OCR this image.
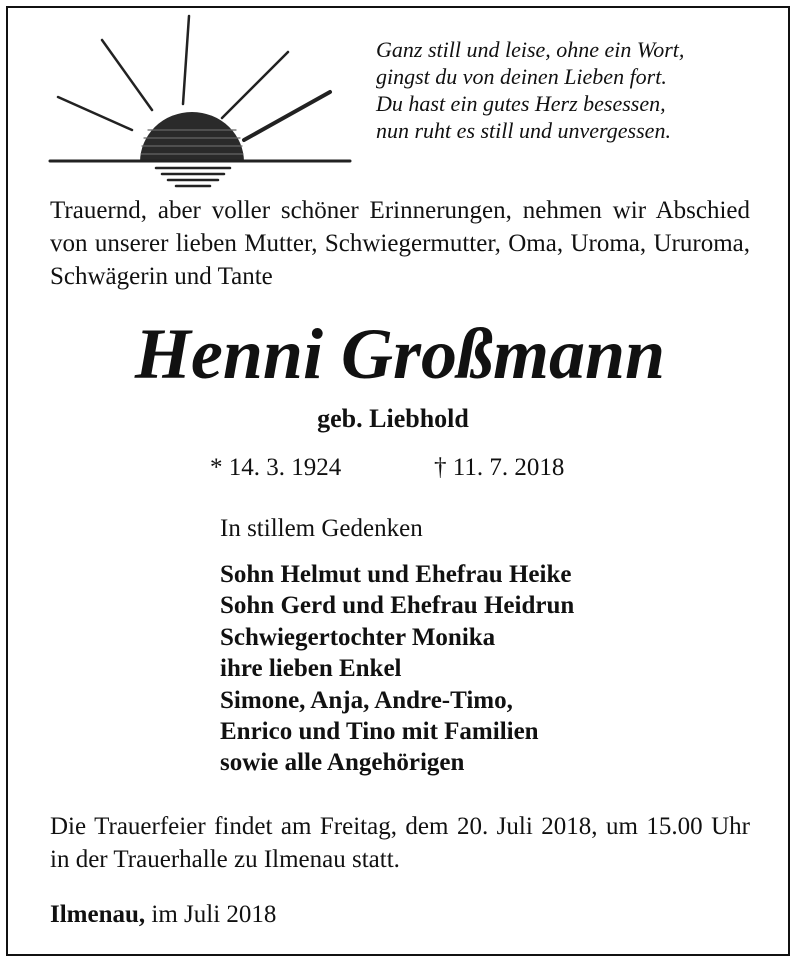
Ganz still und leise, ohne ein Wort,
gingst du von deinen Lieben fort.
Du hast ein gutes Herz besessen,
nun ruht es still und unvergessen.
Trauernd, aber voller schöner Erinnerungen, nehmen wir Abschied von unserer lieben Mutter, Schwiegermutter, Oma, Uroma, Ururoma, Schwägerin und Tante
Henni Großmann
geb. Liebhold
* 14. 3. 1924	† 11. 7. 2018
In stillem Gedenken
Sohn Helmut und Ehefrau Heike
Sohn Gerd und Ehefrau Heidrun
Schwiegertochter Monika
ihre lieben Enkel
Simone, Anja, Andre-Timo,
Enrico und Tino mit Familien
sowie alle Angehörigen
Die Trauerfeier findet am Freitag, dem 20. Juli 2018, um 15.00 Uhr in der Trauerhalle zu Ilmenau statt.
Ilmenau, im Juli 2018
